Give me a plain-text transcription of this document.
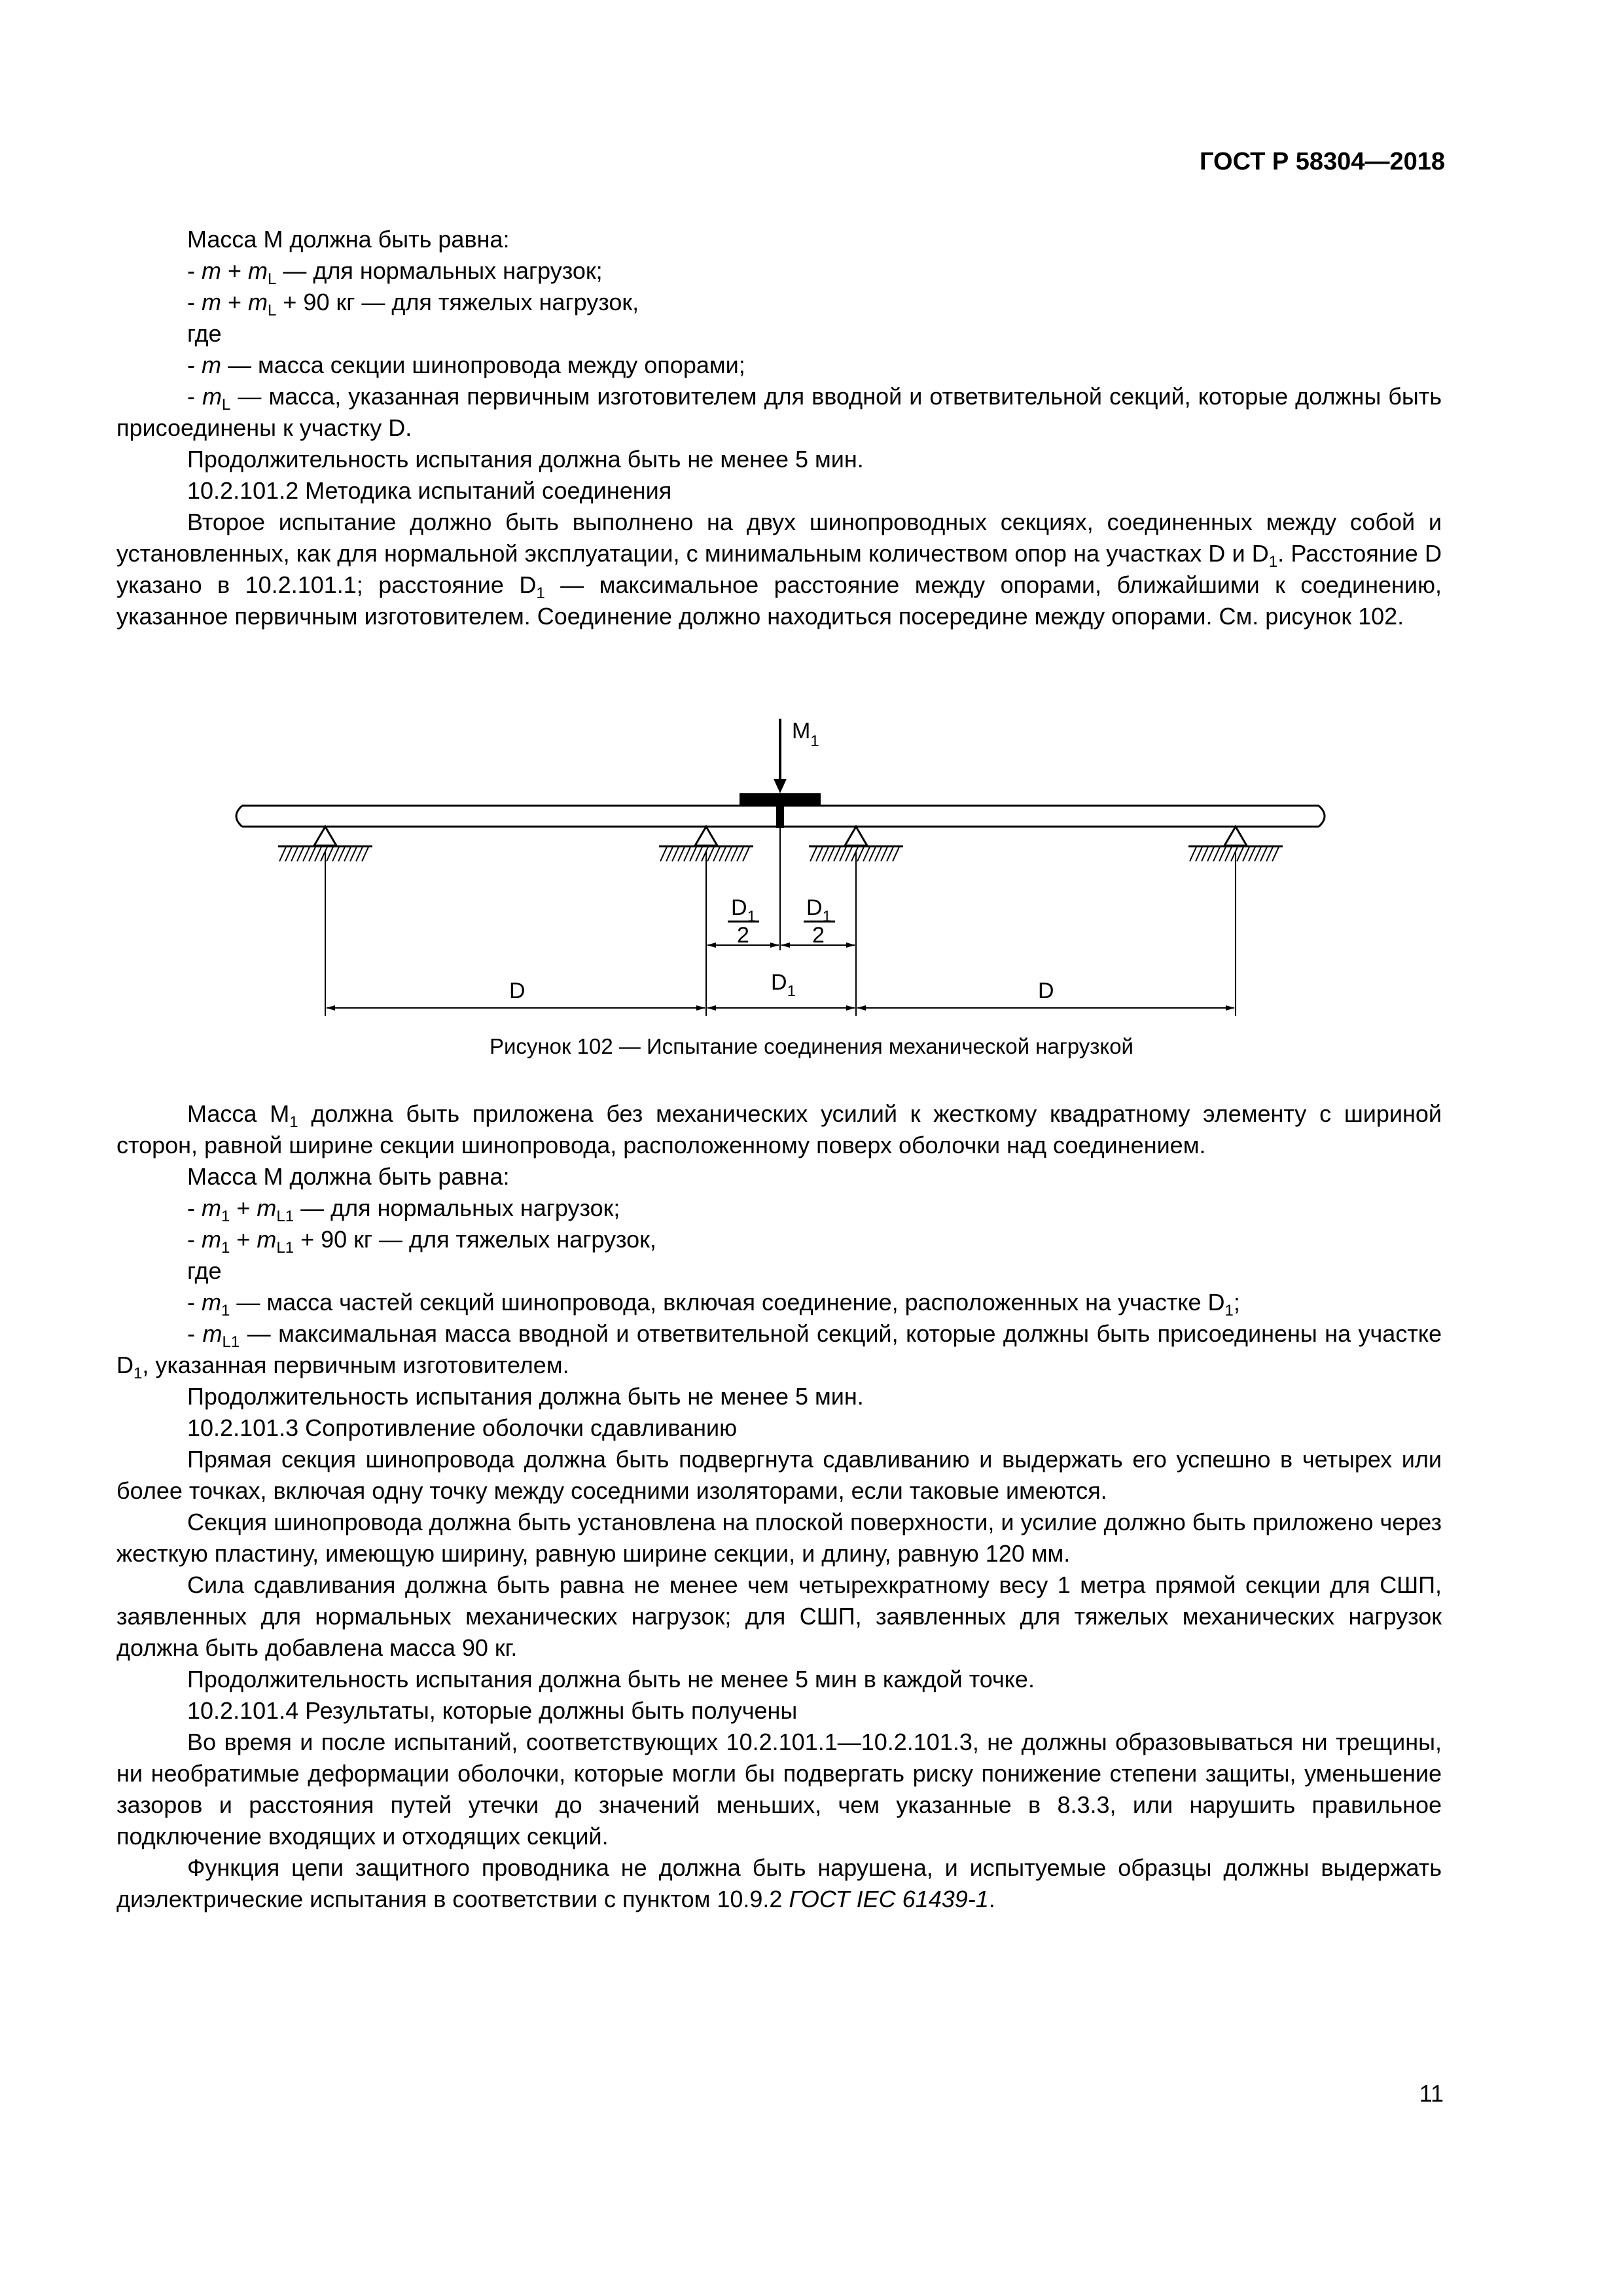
ГОСТ Р 58304—2018

Масса М должна быть равна:

- $m + m_L$ — для нормальных нагрузок;

- $m + m_L + 90$ кг — для тяжелых нагрузок,

где

- m — масса секции шинопровода между опорами;

- $m_L$ — масса, указанная первичным изготовителем для вводной и ответвительной секций, которые должны быть присоединены к участку D.

Продолжительность испытания должна быть не менее 5 мин.

10.2.101.2 Методика испытаний соединения

Второе испытание должно быть выполнено на двух шинопроводных секциях, соединенных между собой и установленных, как для нормальной эксплуатации, с минимальным количеством опор на участках D и $D_1$. Расстояние D указано в 10.2.101.1; расстояние $D_1$ — максимальное расстояние между опорами, ближайшими к соединению, указанное первичным изготовителем. Соединение должно находиться посередине между опорами. См. рисунок 102.

$M_1$
$D_1$
2
$D_1$
2
D	$D_1$	D
Рисунок 102 — Испытание соединения механической нагрузкой

Масса $М_1$ должна быть приложена без механических усилий к жесткому квадратному элементу с шириной сторон, равной ширине секции шинопровода, расположенному поверх оболочки над соединением.

Масса М должна быть равна:

- $m_1 + m_{L1}$ — для нормальных нагрузок;

- $m_1 + m_{L1} + 90$ кг — для тяжелых нагрузок,

где

- $m_1$ — масса частей секций шинопровода, включая соединение, расположенных на участке $D_1$;

- $m_{L1}$ — максимальная масса вводной и ответвительной секций, которые должны быть присоединены на участке $D_1$, указанная первичным изготовителем.

Продолжительность испытания должна быть не менее 5 мин.

10.2.101.3 Сопротивление оболочки сдавливанию

Прямая секция шинопровода должна быть подвергнута сдавливанию и выдержать его успешно в четырех или более точках, включая одну точку между соседними изоляторами, если таковые имеются.

Секция шинопровода должна быть установлена на плоской поверхности, и усилие должно быть приложено через жесткую пластину, имеющую ширину, равную ширине секции, и длину, равную 120 мм.

Сила сдавливания должна быть равна не менее чем четырехкратному весу 1 метра прямой секции для СШП, заявленных для нормальных механических нагрузок; для СШП, заявленных для тяжелых механических нагрузок должна быть добавлена масса 90 кг.

Продолжительность испытания должна быть не менее 5 мин в каждой точке.

10.2.101.4 Результаты, которые должны быть получены

Во время и после испытаний, соответствующих 10.2.101.1—10.2.101.3, не должны образовываться ни трещины, ни необратимые деформации оболочки, которые могли бы подвергать риску понижение степени защиты, уменьшение зазоров и расстояния путей утечки до значений меньших, чем указанные в 8.3.3, или нарушить правильное подключение входящих и отходящих секций.

Функция цепи защитного проводника не должна быть нарушена, и испытуемые образцы должны выдержать диэлектрические испытания в соответствии с пунктом 10.9.2 ГОСТ IEC 61439-1.

11
